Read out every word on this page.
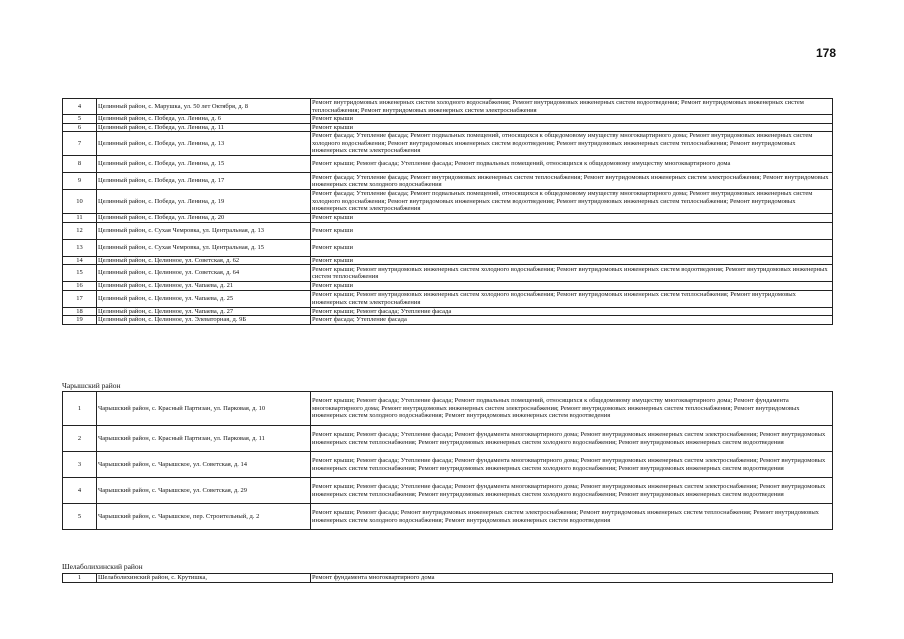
178
4	Целинный район, с. Марушка, ул. 50 лет Октября, д. 8	Ремонт внутридомовых инженерных систем холодного водоснабжения; Ремонт внутридомовых инженерных систем водоотведения; Ремонт внутридомовых инженерных систем теплоснабжения; Ремонт внутридомовых инженерных систем электроснабжения
5	Целинный район, с. Победа, ул. Ленина, д. 6	Ремонт крыши
6	Целинный район, с. Победа, ул. Ленина, д. 11	Ремонт крыши
7	Целинный район, с. Победа, ул. Ленина, д. 13	Ремонт фасада; Утепление фасада; Ремонт подвальных помещений, относящихся к общедомовому имуществу многоквартирного дома; Ремонт внутридомовых инженерных систем холодного водоснабжения; Ремонт внутридомовых инженерных систем водоотведения; Ремонт внутридомовых инженерных систем теплоснабжения; Ремонт внутридомовых инженерных систем электроснабжения
8	Целинный район, с. Победа, ул. Ленина, д. 15	Ремонт крыши; Ремонт фасада; Утепление фасада; Ремонт подвальных помещений, относящихся к общедомовому имуществу многоквартирного дома
9	Целинный район, с. Победа, ул. Ленина, д. 17	Ремонт фасада; Утепление фасада; Ремонт внутридомовых инженерных систем теплоснабжения; Ремонт внутридомовых инженерных систем электроснабжения; Ремонт внутридомовых инженерных систем холодного водоснабжения
10	Целинный район, с. Победа, ул. Ленина, д. 19	Ремонт фасада; Утепление фасада; Ремонт подвальных помещений, относящихся к общедомовому имуществу многоквартирного дома; Ремонт внутридомовых инженерных систем холодного водоснабжения; Ремонт внутридомовых инженерных систем водоотведения; Ремонт внутридомовых инженерных систем теплоснабжения; Ремонт внутридомовых инженерных систем электроснабжения
11	Целинный район, с. Победа, ул. Ленина, д. 20	Ремонт крыши
12	Целинный район, с. Сухая Чемровка, ул. Центральная, д. 13	Ремонт крыши
13	Целинный район, с. Сухая Чемровка, ул. Центральная, д. 15	Ремонт крыши
14	Целинный район, с. Целинное, ул. Советская, д. 62	Ремонт крыши
15	Целинный район, с. Целинное, ул. Советская, д. 64	Ремонт крыши; Ремонт внутридомовых инженерных систем холодного водоснабжения; Ремонт внутридомовых инженерных систем водоотведения; Ремонт внутридомовых инженерных систем теплоснабжения
16	Целинный район, с. Целинное, ул. Чапаева, д. 21	Ремонт крыши
17	Целинный район, с. Целинное, ул. Чапаева, д. 25	Ремонт крыши; Ремонт внутридомовых инженерных систем холодного водоснабжения; Ремонт внутридомовых инженерных систем теплоснабжения; Ремонт внутридомовых инженерных систем электроснабжения
18	Целинный район, с. Целинное, ул. Чапаева, д. 27	Ремонт крыши; Ремонт фасада; Утепление фасада
19	Целинный район, с. Целинное, ул. Элеваторная, д. 9Б	Ремонт фасада; Утепление фасада
Чарышский район
1	Чарышский район, с. Красный Партизан, ул. Парковая, д. 10	Ремонт крыши; Ремонт фасада; Утепление фасада; Ремонт подвальных помещений, относящихся к общедомовому имуществу многоквартирного дома; Ремонт фундамента многоквартирного дома; Ремонт внутридомовых инженерных систем электроснабжения; Ремонт внутридомовых инженерных систем теплоснабжения; Ремонт внутридомовых инженерных систем холодного водоснабжения; Ремонт внутридомовых инженерных систем водоотведения
2	Чарышский район, с. Красный Партизан, ул. Парковая, д. 11	Ремонт крыши; Ремонт фасада; Утепление фасада; Ремонт фундамента многоквартирного дома; Ремонт внутридомовых инженерных систем электроснабжения; Ремонт внутридомовых инженерных систем теплоснабжения; Ремонт внутридомовых инженерных систем холодного водоснабжения; Ремонт внутридомовых инженерных систем водоотведения
3	Чарышский район, с. Чарышское, ул. Советская, д. 14	Ремонт крыши; Ремонт фасада; Утепление фасада; Ремонт фундамента многоквартирного дома; Ремонт внутридомовых инженерных систем электроснабжения; Ремонт внутридомовых инженерных систем теплоснабжения; Ремонт внутридомовых инженерных систем холодного водоснабжения; Ремонт внутридомовых инженерных систем водоотведения
4	Чарышский район, с. Чарышское, ул. Советская, д. 29	Ремонт крыши; Ремонт фасада; Утепление фасада; Ремонт фундамента многоквартирного дома; Ремонт внутридомовых инженерных систем электроснабжения; Ремонт внутридомовых инженерных систем теплоснабжения; Ремонт внутридомовых инженерных систем холодного водоснабжения; Ремонт внутридомовых инженерных систем водоотведения
5	Чарышский район, с. Чарышское, пер. Строительный, д. 2	Ремонт крыши; Ремонт фасада; Ремонт внутридомовых инженерных систем электроснабжения; Ремонт внутридомовых инженерных систем теплоснабжения; Ремонт внутридомовых инженерных систем холодного водоснабжения; Ремонт внутридомовых инженерных систем водоотведения
Шелаболихинский район
1	Шелаболихинский район, с. Крутишка,	Ремонт фундамента многоквартирного дома
